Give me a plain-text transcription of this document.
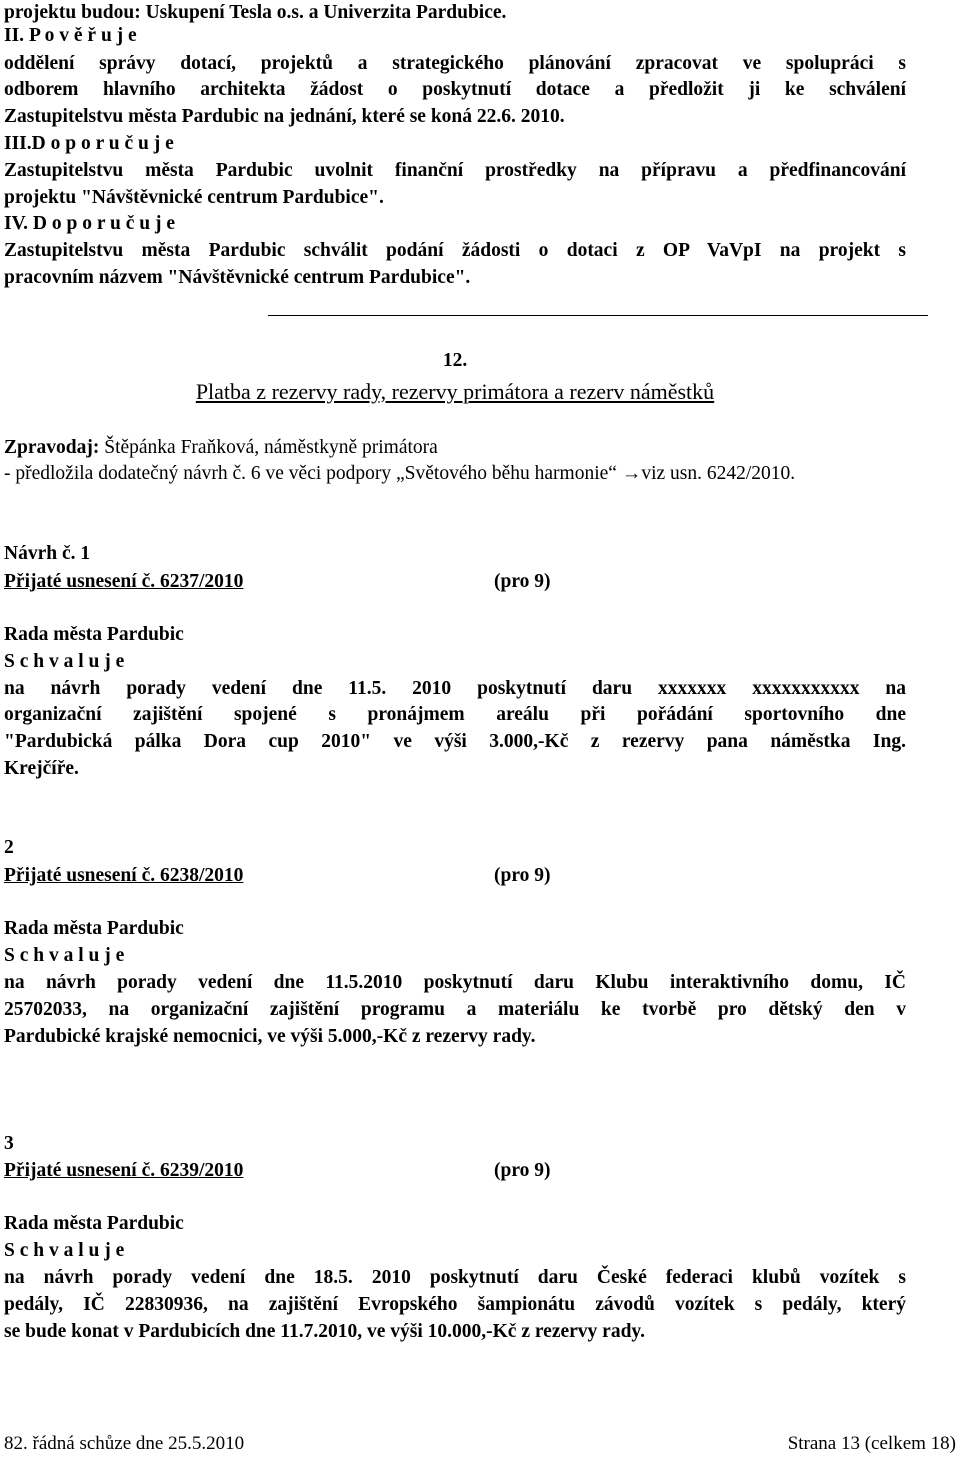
projektu budou: Uskupení Tesla o.s. a Univerzita Pardubice.
II. P o v ě ř u j e
oddělení správy dotací, projektů a strategického plánování zpracovat ve spolupráci s
odborem hlavního architekta žádost o poskytnutí dotace a předložit ji ke schválení
Zastupitelstvu města Pardubic na jednání, které se koná 22.6. 2010.
III.D o p o r u č u j e
Zastupitelstvu města Pardubic uvolnit finanční prostředky na přípravu a předfinancování
projektu "Návštěvnické centrum Pardubice".
IV. D o p o r u č u j e
Zastupitelstvu města Pardubic schválit podání žádosti o dotaci z OP VaVpI na projekt s
pracovním názvem "Návštěvnické centrum Pardubice".
12.
Platba z rezervy rady, rezervy primátora a rezerv náměstků
Zpravodaj: Štěpánka Fraňková, náměstkyně primátora
- předložila dodatečný návrh č. 6 ve věci podpory „Světového běhu harmonie“ →viz usn. 6242/2010.
Návrh č. 1
Přijaté usnesení č. 6237/2010	(pro 9)
Rada města Pardubic
S c h v a l u j e
na návrh porady vedení dne 11.5. 2010 poskytnutí daru xxxxxxx xxxxxxxxxxx na
organizační zajištění spojené s pronájmem areálu při pořádání sportovního dne
"Pardubická pálka Dora cup 2010" ve výši 3.000,-Kč z rezervy pana náměstka Ing.
Krejčíře.
2
Přijaté usnesení č. 6238/2010	(pro 9)
Rada města Pardubic
S c h v a l u j e
na návrh porady vedení dne 11.5.2010 poskytnutí daru Klubu interaktivního domu, IČ
25702033, na organizační zajištění programu a materiálu ke tvorbě pro dětský den v
Pardubické krajské nemocnici, ve výši 5.000,-Kč z rezervy rady.
3
Přijaté usnesení č. 6239/2010	(pro 9)
Rada města Pardubic
S c h v a l u j e
na návrh porady vedení dne 18.5. 2010 poskytnutí daru České federaci klubů vozítek s
pedály, IČ 22830936, na zajištění Evropského šampionátu závodů vozítek s pedály, který
se bude konat v Pardubicích dne 11.7.2010, ve výši 10.000,-Kč z rezervy rady.
82. řádná schůze dne 25.5.2010	Strana 13 (celkem 18)
